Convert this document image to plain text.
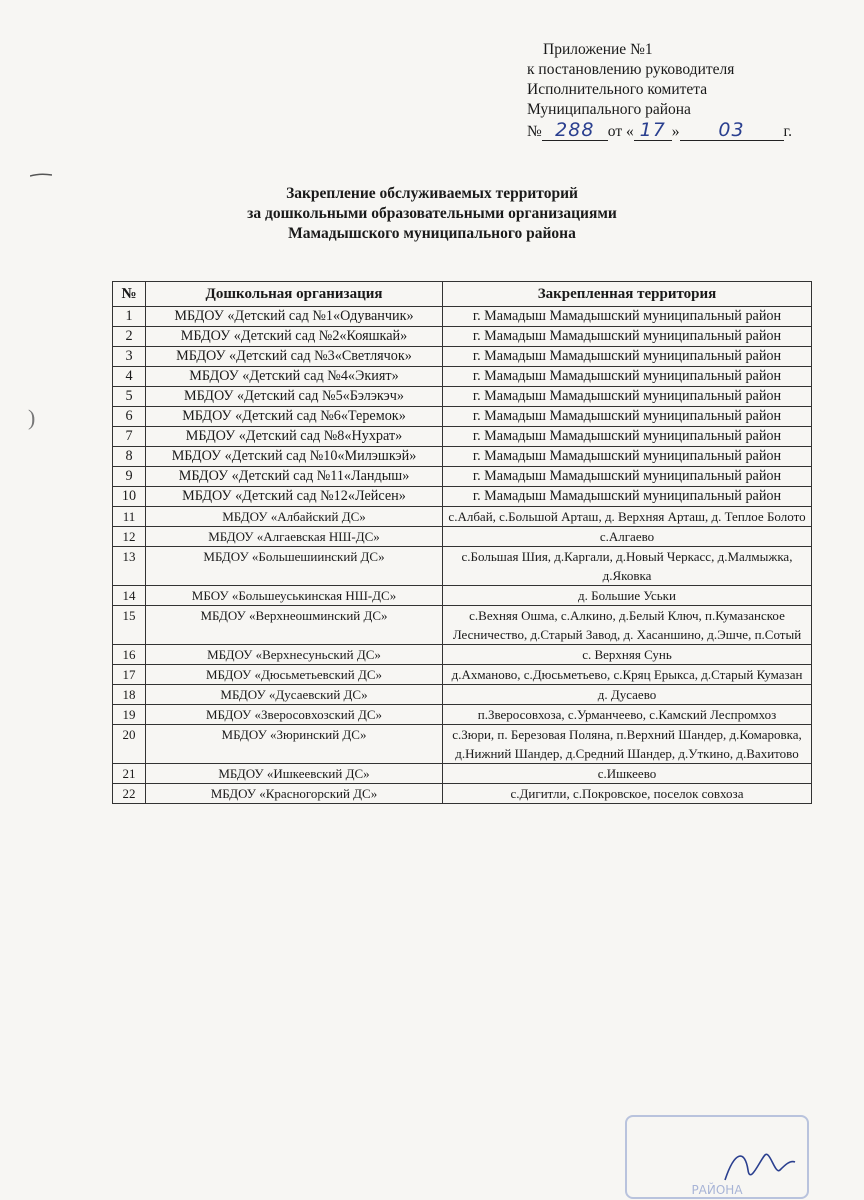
Приложение №1
к постановлению руководителя
Исполнительного комитета
Муниципального района
№ 288 от « 17 » 03	г.
)
Закрепление обслуживаемых территорий
за дошкольными образовательными организациями
Мамадышского муниципального района
№	Дошкольная организация	Закрепленная территория
1	МБДОУ «Детский сад №1«Одуванчик»	г. Мамадыш Мамадышский муниципальный район
2	МБДОУ «Детский сад №2«Кояшкай»	г. Мамадыш Мамадышский муниципальный район
3	МБДОУ «Детский сад №3«Светлячок»	г. Мамадыш Мамадышский муниципальный район
4	МБДОУ «Детский сад №4«Экият»	г. Мамадыш Мамадышский муниципальный район
5	МБДОУ «Детский сад №5«Бэлэкэч»	г. Мамадыш Мамадышский муниципальный район
6	МБДОУ «Детский сад №6«Теремок»	г. Мамадыш Мамадышский муниципальный район
7	МБДОУ «Детский сад №8«Нухрат»	г. Мамадыш Мамадышский муниципальный район
8	МБДОУ «Детский сад №10«Милэшкэй»	г. Мамадыш Мамадышский муниципальный район
9	МБДОУ «Детский сад №11«Ландыш»	г. Мамадыш Мамадышский муниципальный район
10	МБДОУ «Детский сад №12«Лейсен»	г. Мамадыш Мамадышский муниципальный район
11	МБДОУ «Албайский ДС»	с.Албай, с.Большой Арташ, д. Верхняя Арташ, д. Теплое Болото
12	МБДОУ «Алгаевская НШ-ДС»	с.Алгаево
13	МБДОУ «Большешиинский ДС»	с.Большая Шия, д.Каргали, д.Новый Черкасс, д.Малмыжка, д.Яковка
14	МБОУ «Большеуськинская НШ-ДС»	д. Большие Уськи
15	МБДОУ «Верхнеошминский ДС»	с.Вехняя Ошма, с.Алкино, д.Белый Ключ, п.Кумазанское Лесничество, д.Старый Завод, д. Хасаншино, д.Эшче, п.Сотый
16	МБДОУ «Верхнесуньский ДС»	с. Верхняя Сунь
17	МБДОУ «Дюсьметьевский ДС»	д.Ахманово, с.Дюсьметьево, с.Кряц Ерыкса, д.Старый Кумазан
18	МБДОУ «Дусаевский ДС»	д. Дусаево
19	МБДОУ «Зверосовхозский ДС»	п.Зверосовхоза, с.Урманчеево, с.Камский Леспромхоз
20	МБДОУ «Зюринский ДС»	с.Зюри, п. Березовая Поляна, п.Верхний Шандер, д.Комаровка, д.Нижний Шандер, д.Средний Шандер, д.Уткино, д.Вахитово
21	МБДОУ «Ишкеевский ДС»	с.Ишкеево
22	МБДОУ «Красногорский ДС»	с.Дигитли, с.Покровское, поселок совхоза
РАЙОНА
